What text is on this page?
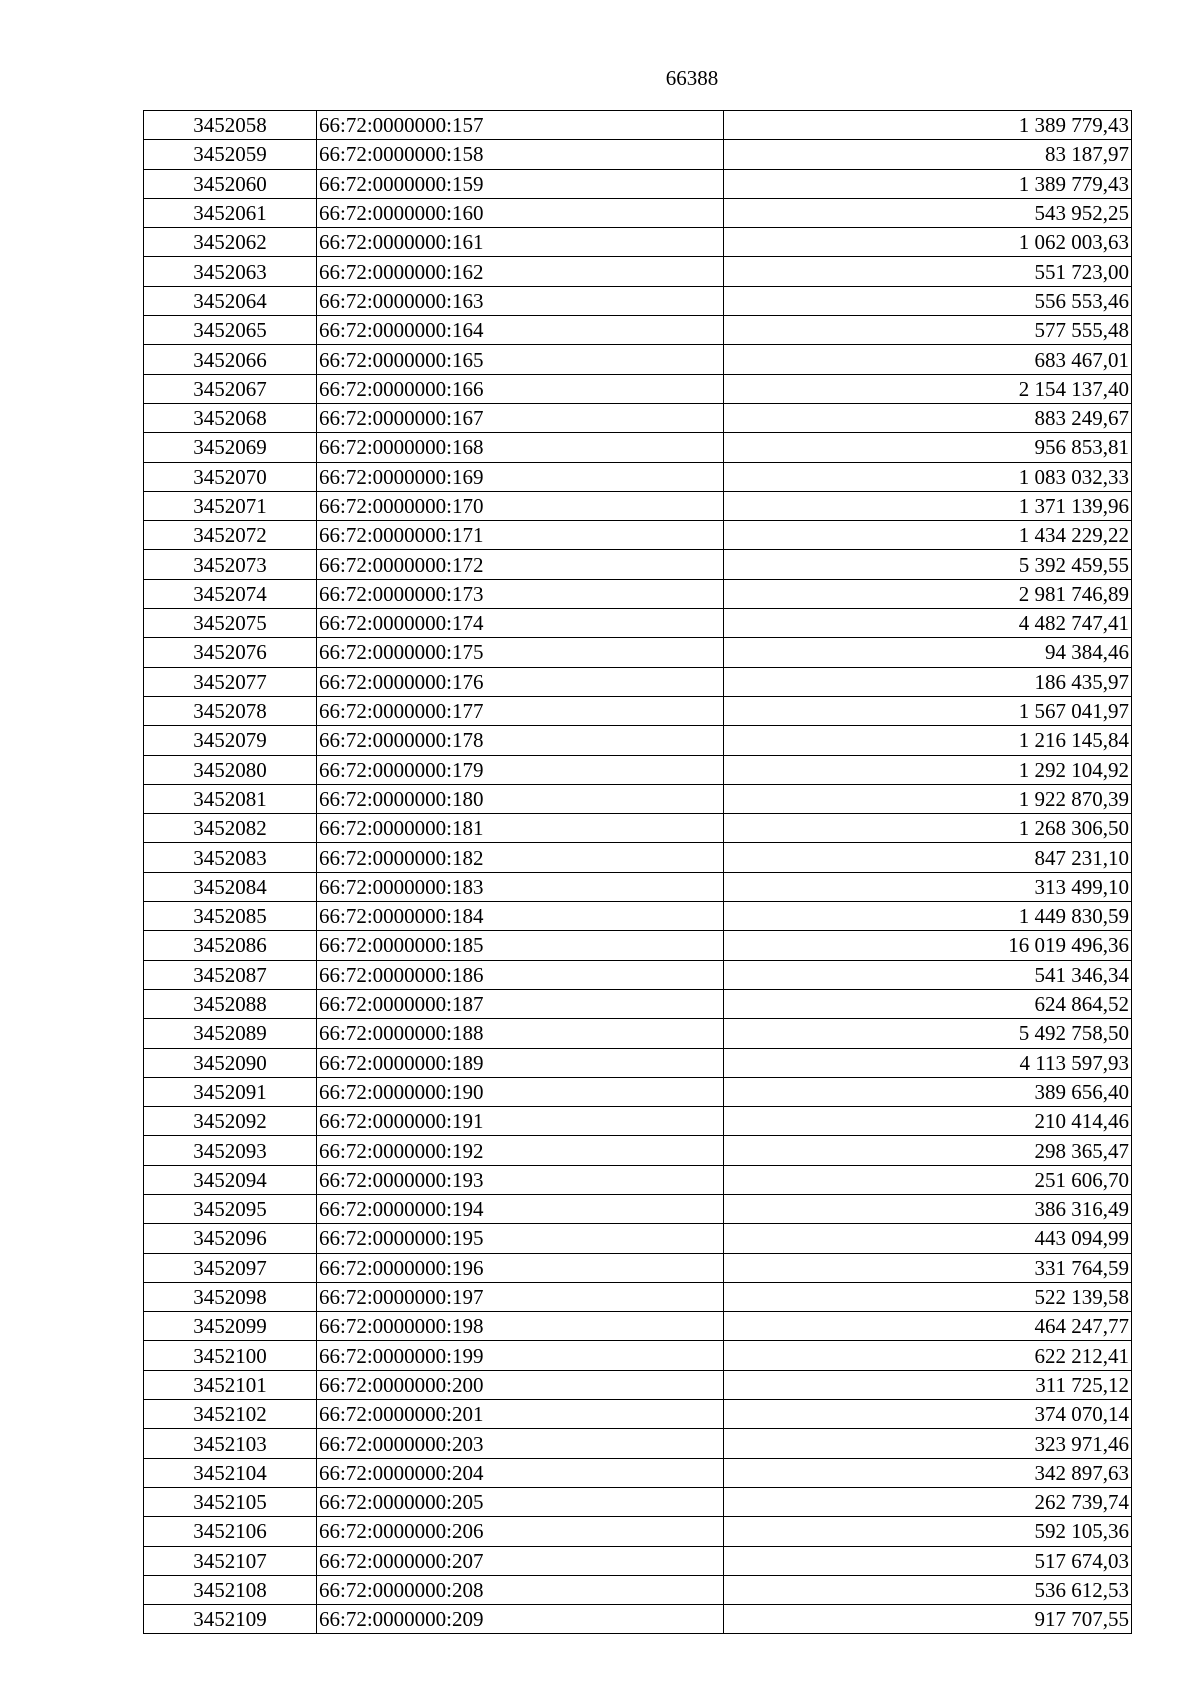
66388
3452058	66:72:0000000:157	1 389 779,43
3452059	66:72:0000000:158	83 187,97
3452060	66:72:0000000:159	1 389 779,43
3452061	66:72:0000000:160	543 952,25
3452062	66:72:0000000:161	1 062 003,63
3452063	66:72:0000000:162	551 723,00
3452064	66:72:0000000:163	556 553,46
3452065	66:72:0000000:164	577 555,48
3452066	66:72:0000000:165	683 467,01
3452067	66:72:0000000:166	2 154 137,40
3452068	66:72:0000000:167	883 249,67
3452069	66:72:0000000:168	956 853,81
3452070	66:72:0000000:169	1 083 032,33
3452071	66:72:0000000:170	1 371 139,96
3452072	66:72:0000000:171	1 434 229,22
3452073	66:72:0000000:172	5 392 459,55
3452074	66:72:0000000:173	2 981 746,89
3452075	66:72:0000000:174	4 482 747,41
3452076	66:72:0000000:175	94 384,46
3452077	66:72:0000000:176	186 435,97
3452078	66:72:0000000:177	1 567 041,97
3452079	66:72:0000000:178	1 216 145,84
3452080	66:72:0000000:179	1 292 104,92
3452081	66:72:0000000:180	1 922 870,39
3452082	66:72:0000000:181	1 268 306,50
3452083	66:72:0000000:182	847 231,10
3452084	66:72:0000000:183	313 499,10
3452085	66:72:0000000:184	1 449 830,59
3452086	66:72:0000000:185	16 019 496,36
3452087	66:72:0000000:186	541 346,34
3452088	66:72:0000000:187	624 864,52
3452089	66:72:0000000:188	5 492 758,50
3452090	66:72:0000000:189	4 113 597,93
3452091	66:72:0000000:190	389 656,40
3452092	66:72:0000000:191	210 414,46
3452093	66:72:0000000:192	298 365,47
3452094	66:72:0000000:193	251 606,70
3452095	66:72:0000000:194	386 316,49
3452096	66:72:0000000:195	443 094,99
3452097	66:72:0000000:196	331 764,59
3452098	66:72:0000000:197	522 139,58
3452099	66:72:0000000:198	464 247,77
3452100	66:72:0000000:199	622 212,41
3452101	66:72:0000000:200	311 725,12
3452102	66:72:0000000:201	374 070,14
3452103	66:72:0000000:203	323 971,46
3452104	66:72:0000000:204	342 897,63
3452105	66:72:0000000:205	262 739,74
3452106	66:72:0000000:206	592 105,36
3452107	66:72:0000000:207	517 674,03
3452108	66:72:0000000:208	536 612,53
3452109	66:72:0000000:209	917 707,55
